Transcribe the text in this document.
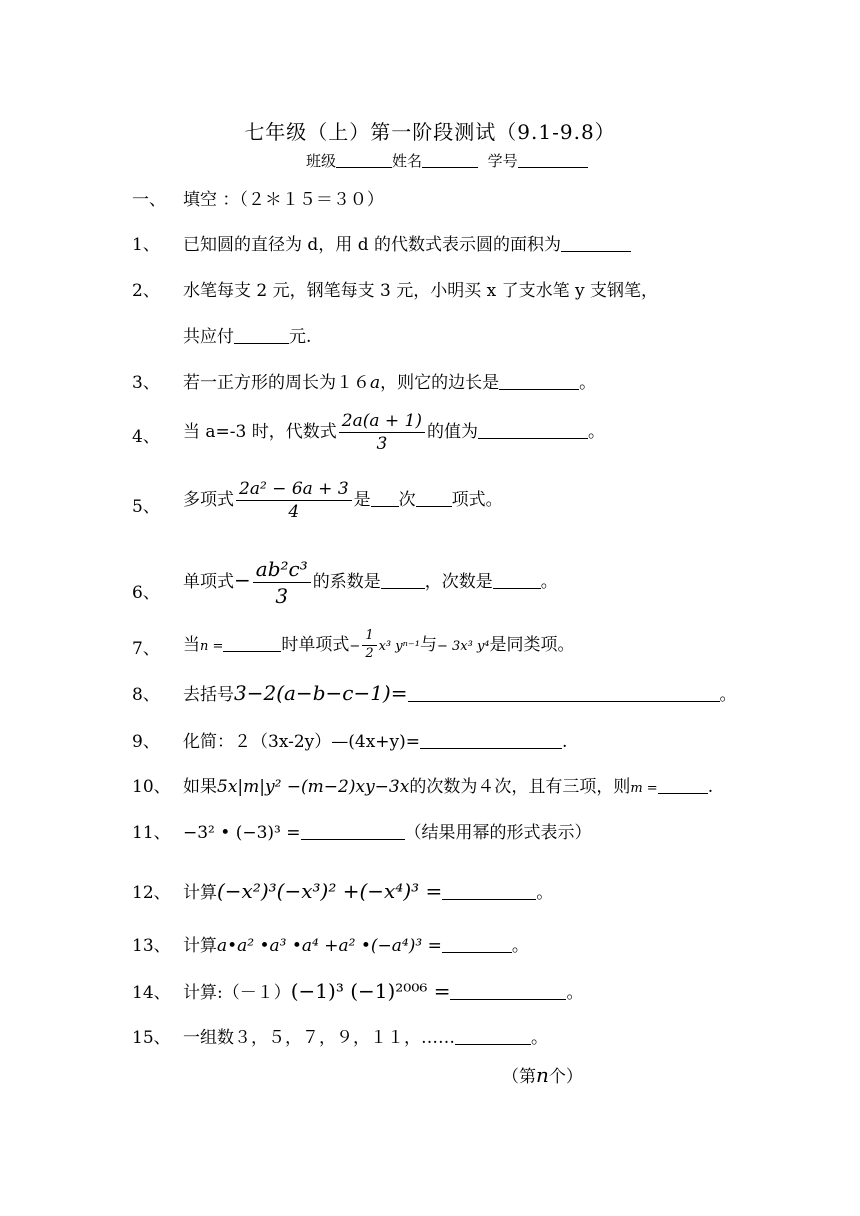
七年级（上）第一阶段测试（9.1-9.8）
班级	姓名	学号
一、 填空 ：（２＊１５＝３０）
1、 已知圆的直径为 d，用 d 的代数式表示圆的面积为
2、 水笔每支 2 元，钢笔每支 3 元，小明买 x 了支水笔 y 支钢笔，
共应付	元.
3、 若一正方形的周长为１６a，则它的边长是	。
4、 当 a=-3 时，代数式 $\frac{2a(a + 1)}{3}$ 的值为	。
5、 多项式 $\frac{\text{2a² − 6a + 3}}{4}$ 是 次 项式。
6、
单项式− $\frac{\text{ab²c³}}{3}$ 的系数是	，次数是	。
7、 当n =	时单项式− $\frac{1}{2} x^3$ yⁿ⁻¹与− 3x³ y⁴是同类项。
8、 去括号3−2(a−b−c−1)=	。
9、 化简：２（3x-2y）—(4x+y)=	.
10、 如果5x|m|y² −(m−2)xy−3x的次数为４次，且有三项，则m =	.
11、 −3² • (−3)³ =	（结果用幂的形式表示）
12、 计算(−x²)³(−x³)² +(−x⁴)³ =	。
13、 计算a•a² •a³ •a⁴ +a² •(−a⁴)³ =	。
14、 计算:（－１）(−1)³ (−1)²⁰⁰⁶ =	。
15、 一组数３，５，７，９，１１，……	。
（第n个）
